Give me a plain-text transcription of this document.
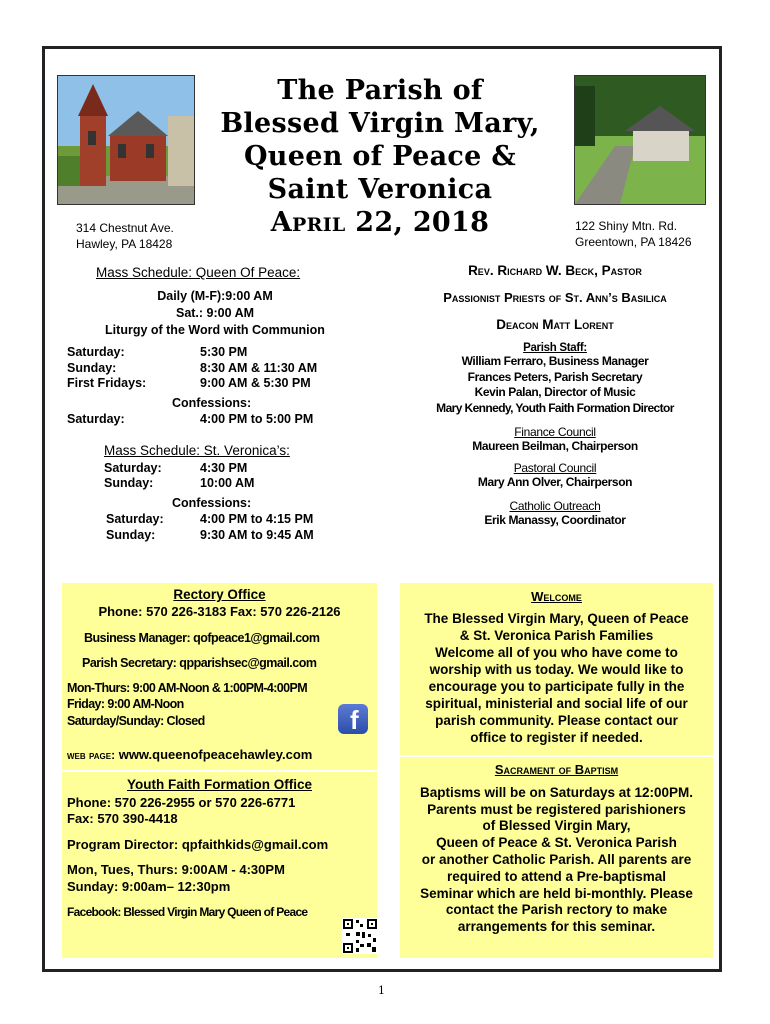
The Parish of
Blessed Virgin Mary,
Queen of Peace &
Saint Veronica
April 22, 2018
314 Chestnut Ave.
Hawley, PA 18428
122 Shiny Mtn. Rd.
Greentown, PA 18426
Mass Schedule: Queen Of Peace:
Daily (M-F):9:00 AM
Sat.: 9:00 AM
Liturgy of the Word with Communion
Saturday:	5:30 PM
Sunday:	8:30 AM & 11:30 AM
First Fridays:	9:00 AM & 5:30 PM
Confessions:
Saturday:	4:00 PM to 5:00 PM
Mass Schedule: St. Veronica’s:
Saturday:	4:30 PM
Sunday:	10:00 AM
Confessions:
Saturday:	4:00 PM to 4:15 PM
Sunday:	9:30 AM to 9:45 AM
Rev. Richard W. Beck, Pastor
Passionist Priests of St. Ann’s Basilica
Deacon Matt Lorent
Parish Staff:
William Ferraro, Business Manager
Frances Peters, Parish Secretary
Kevin Palan, Director of Music
Mary Kennedy, Youth Faith Formation Director
Finance Council
Maureen Beilman, Chairperson
Pastoral Council
Mary Ann Olver, Chairperson
Catholic Outreach
Erik Manassy, Coordinator
Rectory Office
Phone: 570 226-3183 Fax: 570 226-2126
Business Manager: qofpeace1@gmail.com
Parish Secretary: qpparishsec@gmail.com
Mon-Thurs: 9:00 AM-Noon & 1:00PM-4:00PM
Friday: 9:00 AM-Noon
Saturday/Sunday: Closed	f
web page: www.queenofpeacehawley.com
Youth Faith Formation Office
Phone: 570 226-2955 or 570 226-6771
Fax: 570 390-4418
Program Director: qpfaithkids@gmail.com
Mon, Tues, Thurs: 9:00AM - 4:30PM
Sunday: 9:00am– 12:30pm
Facebook: Blessed Virgin Mary Queen of Peace
Welcome
The Blessed Virgin Mary, Queen of Peace
& St. Veronica Parish Families
Welcome all of you who have come to
worship with us today. We would like to
encourage you to participate fully in the
spiritual, ministerial and social life of our
parish community. Please contact our
office to register if needed.
Sacrament of Baptism
Baptisms will be on Saturdays at 12:00PM.
Parents must be registered parishioners
of Blessed Virgin Mary,
Queen of Peace & St. Veronica Parish
or another Catholic Parish. All parents are
required to attend a Pre-baptismal
Seminar which are held bi-monthly. Please
contact the Parish rectory to make
arrangements for this seminar.
1
